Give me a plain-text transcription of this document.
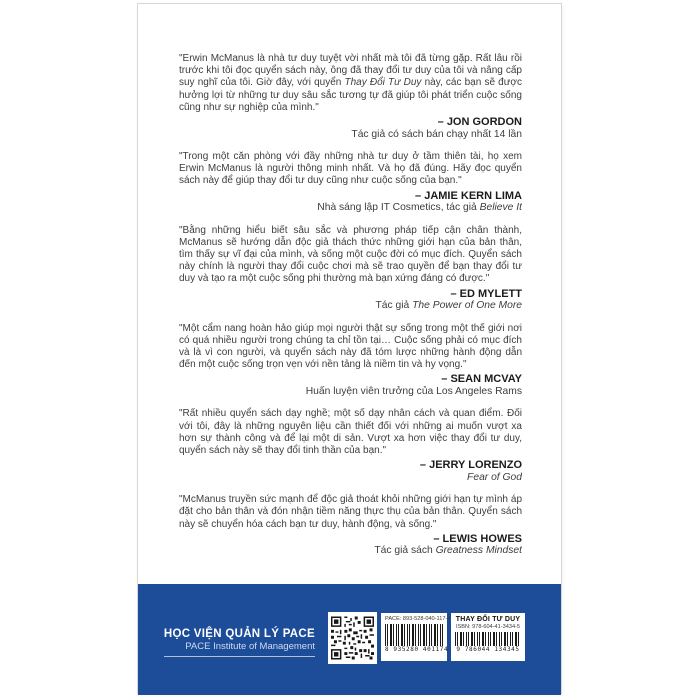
"Erwin McManus là nhà tư duy tuyệt vời nhất mà tôi đã từng gặp. Rất lâu rồi trước khi tôi đọc quyển sách này, ông đã thay đổi tư duy của tôi và nâng cấp suy nghĩ của tôi. Giờ đây, với quyển Thay Đổi Tư Duy này, các bạn sẽ được hưởng lợi từ những tư duy sâu sắc tương tự đã giúp tôi phát triển cuộc sống cũng như sự nghiệp của mình."

– JON GORDON
Tác giả có sách bán chạy nhất 14 lần

"Trong một căn phòng với đầy những nhà tư duy ở tầm thiên tài, họ xem Erwin McManus là người thông minh nhất. Và họ đã đúng. Hãy đọc quyển sách này để giúp thay đổi tư duy cũng như cuộc sống của bạn."

– JAMIE KERN LIMA
Nhà sáng lập IT Cosmetics, tác giả Believe It

"Bằng những hiểu biết sâu sắc và phương pháp tiếp cận chân thành, McManus sẽ hướng dẫn độc giả thách thức những giới hạn của bản thân, tìm thấy sự vĩ đại của mình, và sống một cuộc đời có mục đích. Quyển sách này chính là người thay đổi cuộc chơi mà sẽ trao quyền để bạn thay đổi tư duy và tạo ra một cuộc sống phi thường mà bạn xứng đáng có được."

– ED MYLETT
Tác giả The Power of One More

"Một cẩm nang hoàn hảo giúp mọi người thật sự sống trong một thế giới nơi có quá nhiều người trong chúng ta chỉ tồn tại… Cuộc sống phải có mục đích và là vì con người, và quyển sách này đã tóm lược những hành động dẫn đến một cuộc sống trọn vẹn với nền tảng là niềm tin và hy vọng."

– SEAN MCVAY
Huấn luyện viên trưởng của Los Angeles Rams

"Rất nhiều quyển sách dạy nghề; một số dạy nhân cách và quan điểm. Đối với tôi, đây là những nguyên liệu cần thiết đối với những ai muốn vượt xa hơn sự thành công và để lại một di sản. Vượt xa hơn việc thay đổi tư duy, quyển sách này sẽ thay đổi tinh thần của bạn."

– JERRY LORENZO
Fear of God

"McManus truyền sức mạnh để độc giả thoát khỏi những giới hạn tự mình áp đặt cho bản thân và đón nhận tiềm năng thực thụ của bản thân. Quyển sách này sẽ chuyển hóa cách bạn tư duy, hành động, và sống."

– LEWIS HOWES
Tác giả sách Greatness Mindset
HỌC VIỆN QUẢN LÝ PACE
PACE Institute of Management
PACE: 893-528-040-117-4
8 935280 401174
THAY ĐỔI TƯ DUY
ISBN: 978-604-41-3434-5
9 786044 134345
